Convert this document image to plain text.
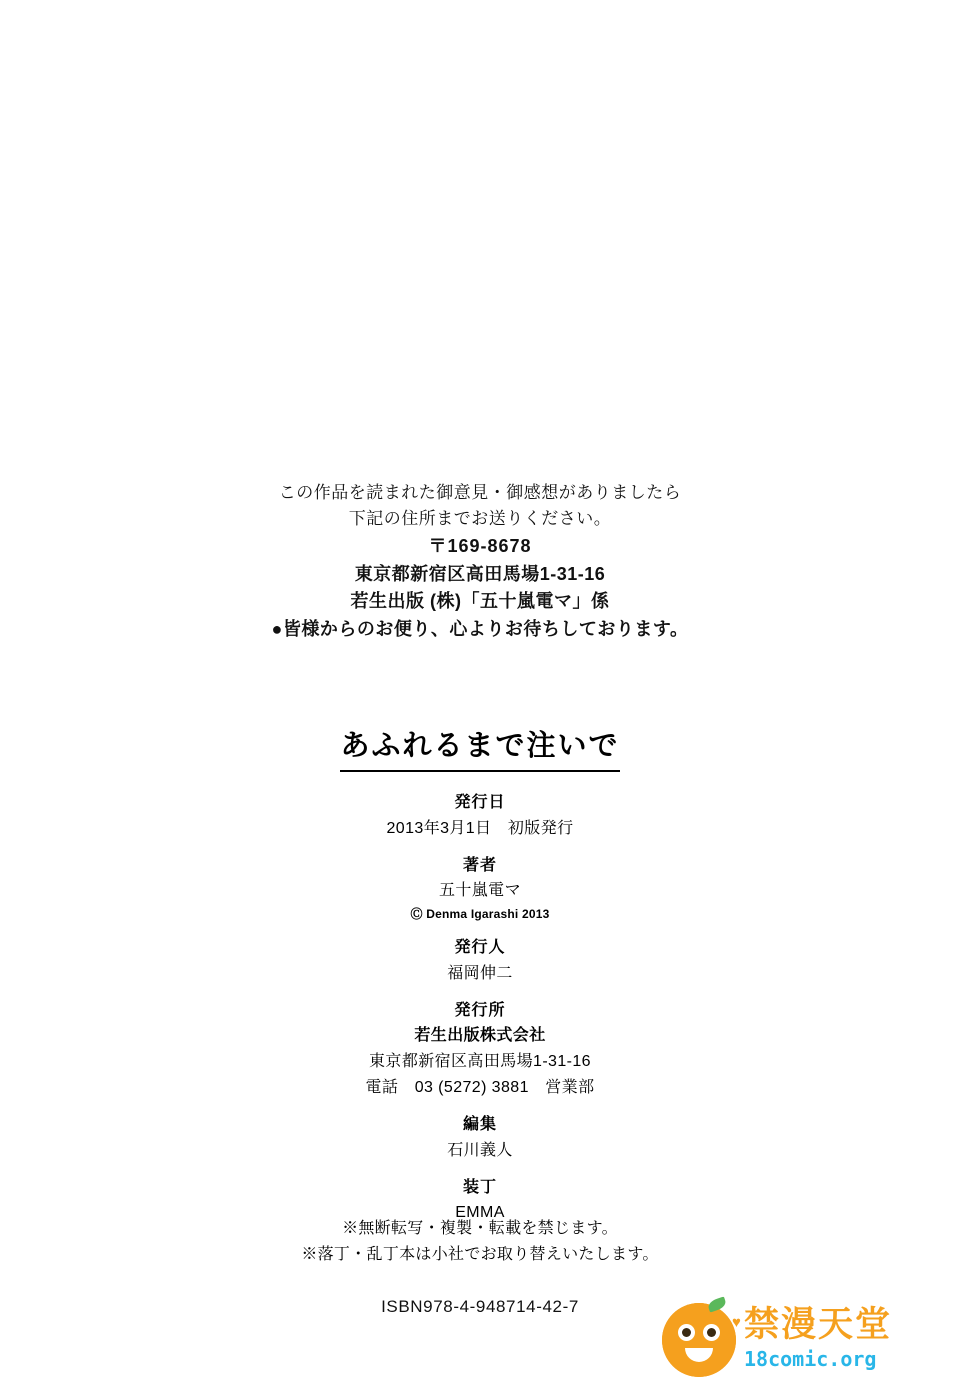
この作品を読まれた御意見・御感想がありましたら
下記の住所までお送りください。
〒169-8678
東京都新宿区高田馬場1-31-16
若生出版 (株)「五十嵐電マ」係
●皆様からのお便り、心よりお待ちしております。
あふれるまで注いで
発行日
2013年3月1日　初版発行
著者
五十嵐電マ
Ⓒ Denma Igarashi 2013
発行人
福岡伸二
発行所
若生出版株式会社
東京都新宿区高田馬場1-31-16
電話　03 (5272) 3881　営業部
編集
石川義人
装丁
EMMA
※無断転写・複製・転載を禁じます。
※落丁・乱丁本は小社でお取り替えいたします。
ISBN978-4-948714-42-7
♥ 禁漫天堂
18comic.org
